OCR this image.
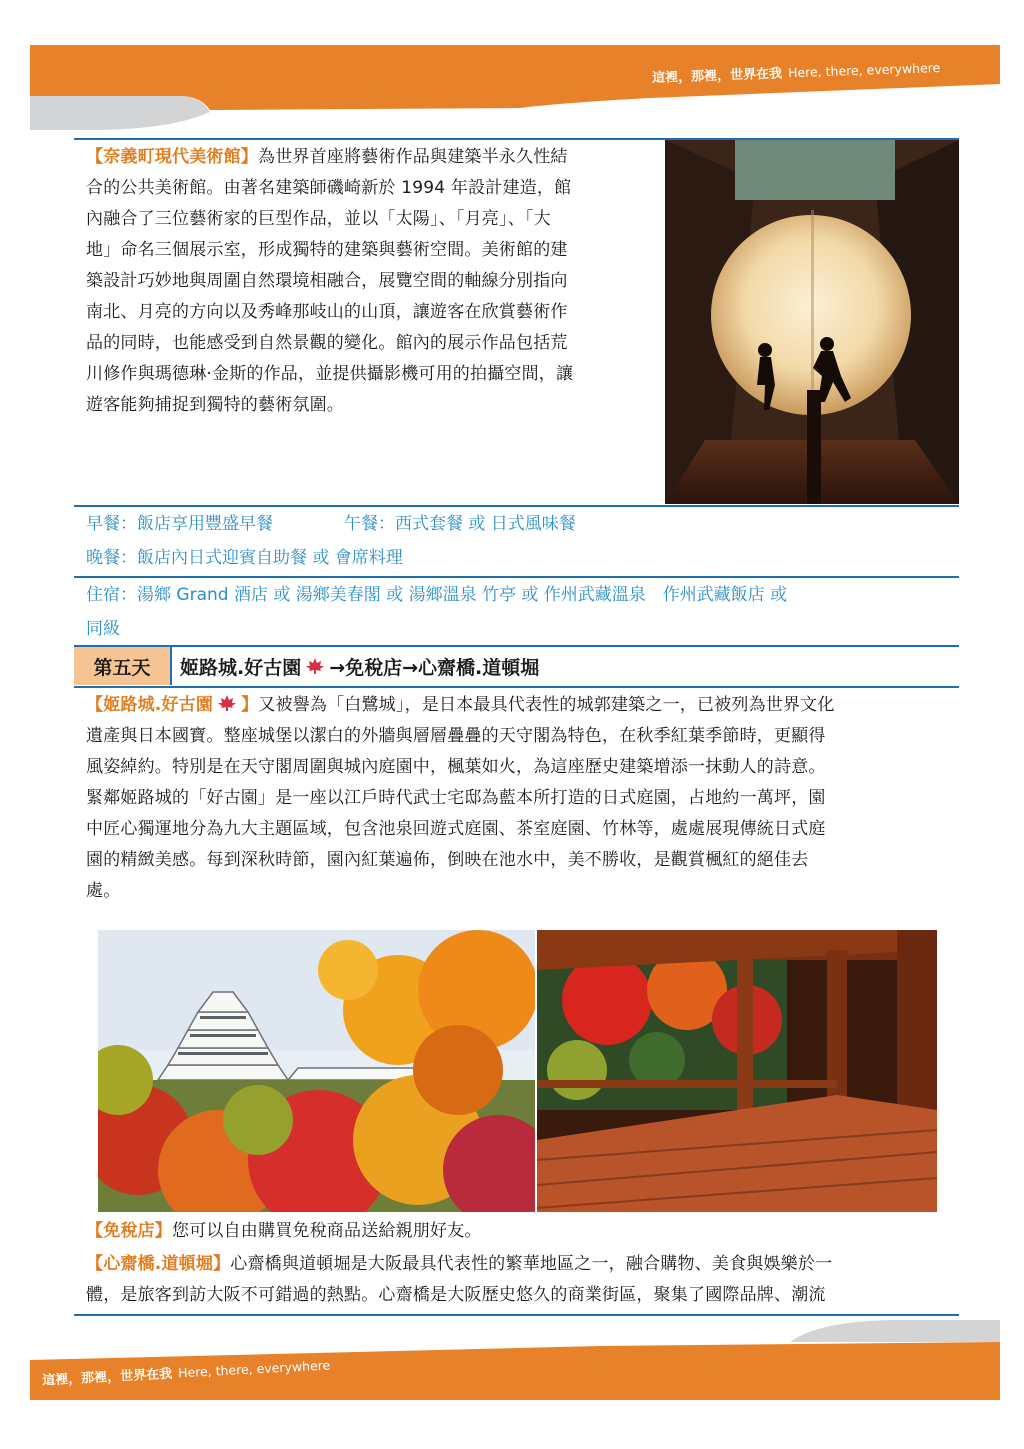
這裡，那裡，世界在我 Here, there, everywhere
【奈義町現代美術館】為世界首座將藝術作品與建築半永久性結
合的公共美術館。由著名建築師磯崎新於 1994 年設計建造，館
內融合了三位藝術家的巨型作品，並以「太陽」、「月亮」、「大
地」命名三個展示室，形成獨特的建築與藝術空間。美術館的建
築設計巧妙地與周圍自然環境相融合，展覽空間的軸線分別指向
南北、月亮的方向以及秀峰那岐山的山頂，讓遊客在欣賞藝術作
品的同時，也能感受到自然景觀的變化。館內的展示作品包括荒
川修作與瑪德琳·金斯的作品，並提供攝影機可用的拍攝空間，讓
遊客能夠捕捉到獨特的藝術氛圍。
早餐：飯店享用豐盛早餐	午餐：西式套餐 或 日式風味餐
晚餐：飯店內日式迎賓自助餐 或 會席料理
住宿：湯鄉 Grand 酒店 或 湯鄉美春閣 或 湯鄉溫泉 竹亭 或 作州武藏溫泉　作州武藏飯店 或
同級
第五天	姬路城.好古園 →免稅店→心齋橋.道頓堀
【姬路城.好古園 】又被譽為「白鷺城」，是日本最具代表性的城郭建築之一，已被列為世界文化
遺產與日本國寶。整座城堡以潔白的外牆與層層疊疊的天守閣為特色，在秋季紅葉季節時，更顯得
風姿綽約。特別是在天守閣周圍與城內庭園中，楓葉如火，為這座歷史建築增添一抹動人的詩意。
緊鄰姬路城的「好古園」是一座以江戶時代武士宅邸為藍本所打造的日式庭園，占地約一萬坪，園
中匠心獨運地分為九大主題區域，包含池泉回遊式庭園、茶室庭園、竹林等，處處展現傳統日式庭
園的精緻美感。每到深秋時節，園內紅葉遍佈，倒映在池水中，美不勝收，是觀賞楓紅的絕佳去
處。
【免稅店】您可以自由購買免稅商品送給親朋好友。
【心齋橋.道頓堀】心齋橋與道頓堀是大阪最具代表性的繁華地區之一，融合購物、美食與娛樂於一
體，是旅客到訪大阪不可錯過的熱點。心齋橋是大阪歷史悠久的商業街區，聚集了國際品牌、潮流
這裡，那裡，世界在我 Here, there, everywhere
